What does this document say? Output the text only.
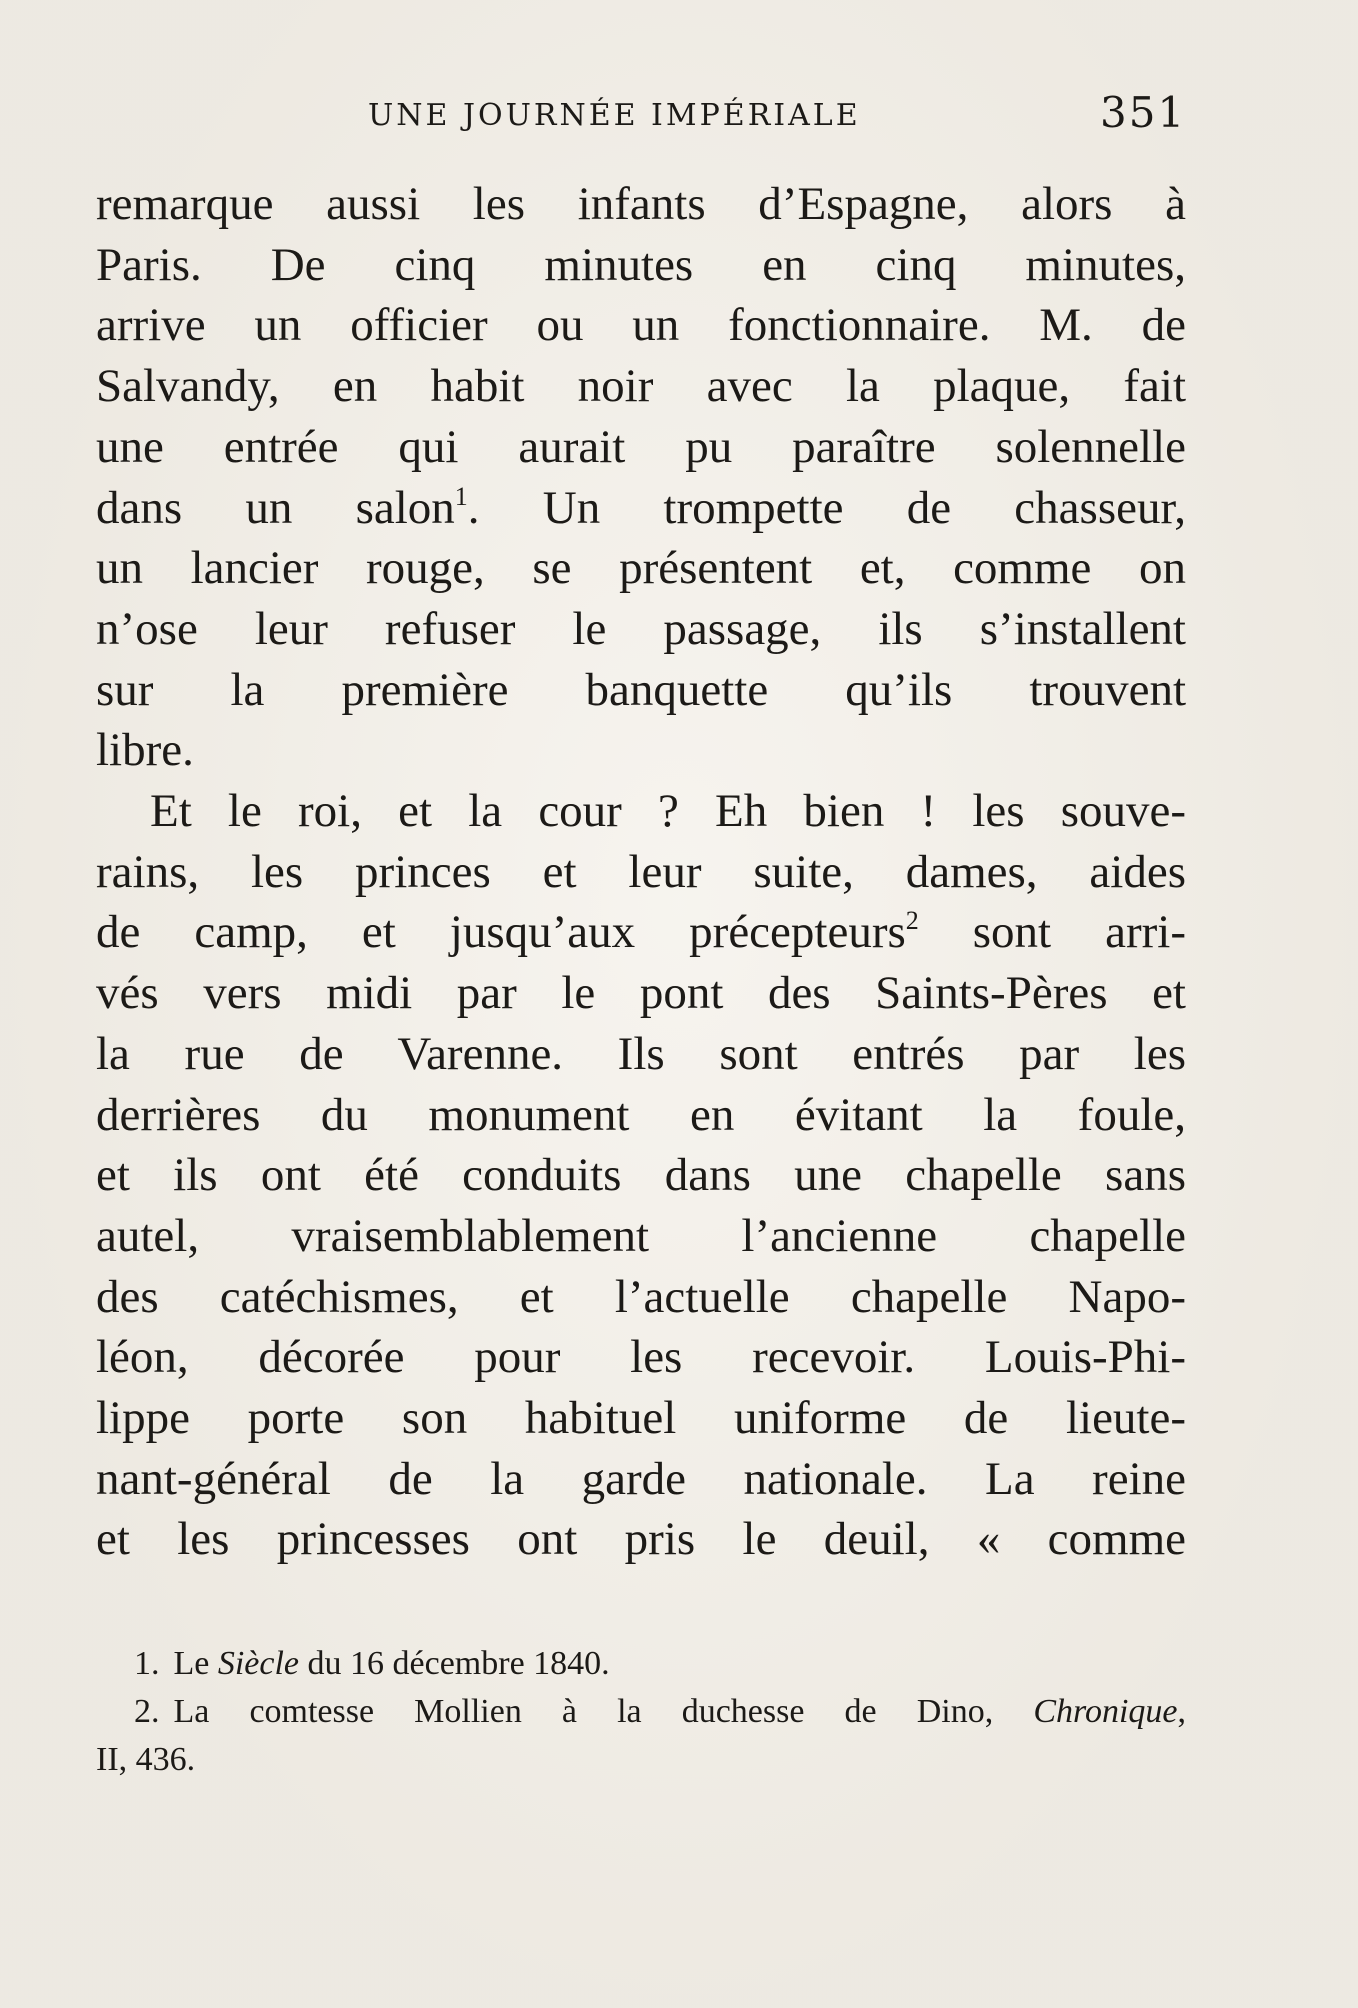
UNE JOURNÉE IMPÉRIALE	351
remarque aussi les infants d’Espagne, alors à
Paris. De cinq minutes en cinq minutes,
arrive un officier ou un fonctionnaire. M. de
Salvandy, en habit noir avec la plaque, fait
une entrée qui aurait pu paraître solennelle
dans un salon$^1$. Un trompette de chasseur,
un lancier rouge, se présentent et, comme on
n’ose leur refuser le passage, ils s’installent
sur la première banquette qu’ils trouvent
libre.
Et le roi, et la cour ? Eh bien ! les souve-
rains, les princes et leur suite, dames, aides
de camp, et jusqu’aux précepteurs$^2$ sont arri-
vés vers midi par le pont des Saints-Pères et
la rue de Varenne. Ils sont entrés par les
derrières du monument en évitant la foule,
et ils ont été conduits dans une chapelle sans
autel, vraisemblablement l’ancienne chapelle
des catéchismes, et l’actuelle chapelle Napo-
léon, décorée pour les recevoir. Louis-Phi-
lippe porte son habituel uniforme de lieute-
nant-général de la garde nationale. La reine
et les princesses ont pris le deuil, « comme

1. Le Siècle du 16 décembre 1840.

2. La comtesse Mollien à la duchesse de Dino, Chronique,
II, 436.
